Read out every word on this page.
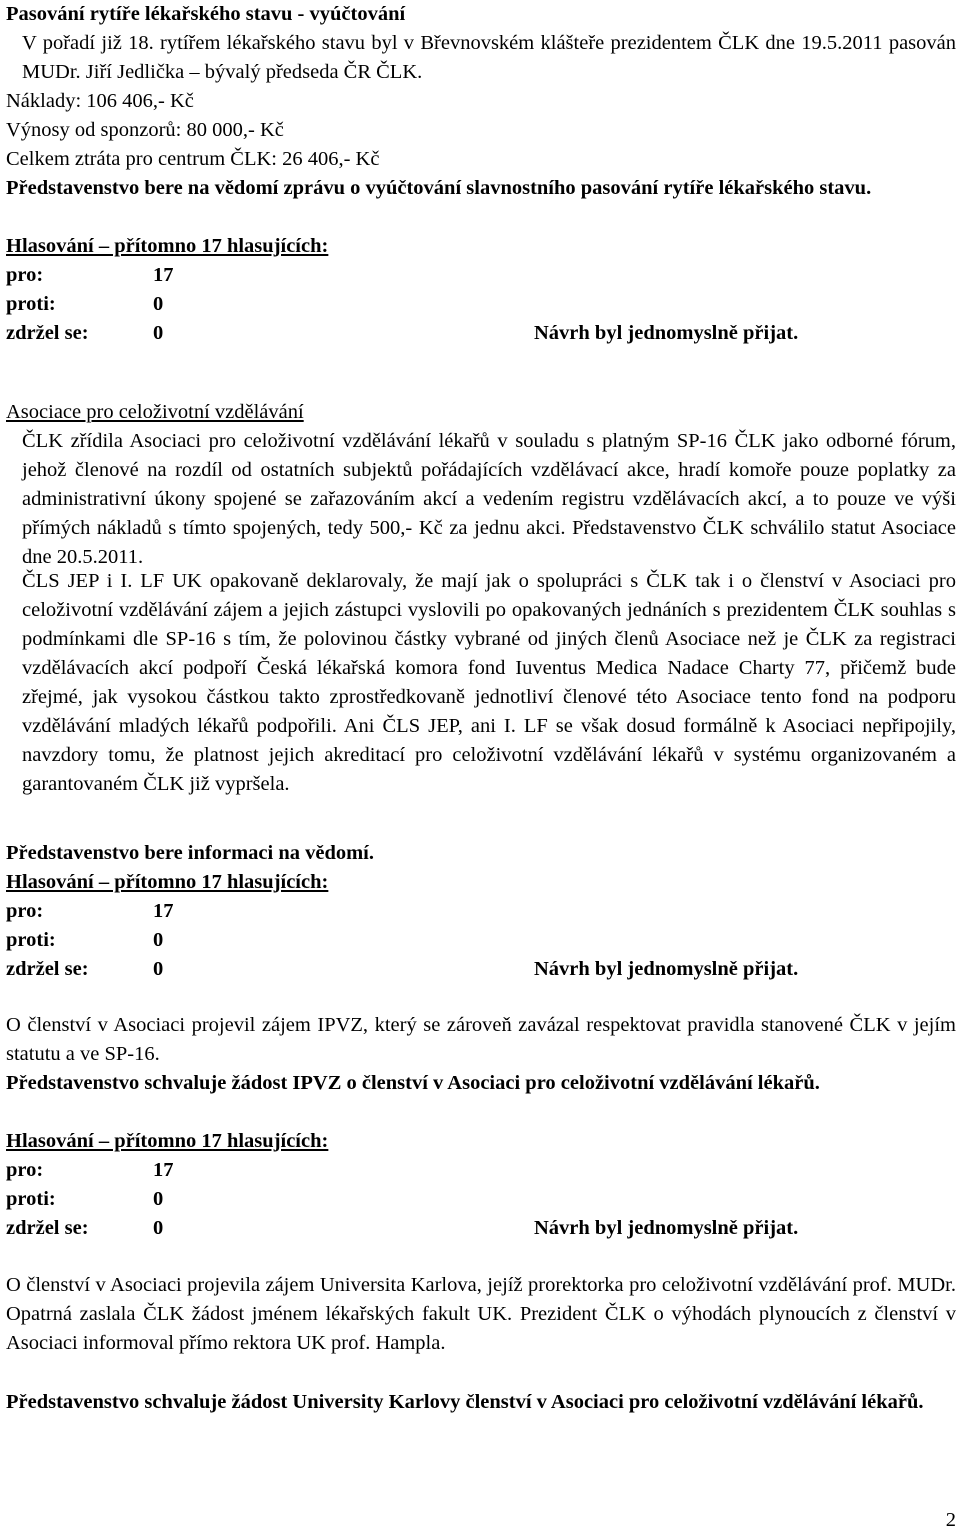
Pasování rytíře lékařského stavu - vyúčtování
V pořadí již 18. rytířem lékařského stavu byl v Břevnovském klášteře prezidentem ČLK dne 19.5.2011 pasován MUDr. Jiří Jedlička – bývalý předseda ČR ČLK.
Náklady: 106 406,- Kč
Výnosy od sponzorů: 80 000,- Kč
Celkem ztráta pro centrum ČLK: 26 406,- Kč
Představenstvo bere na vědomí zprávu o vyúčtování slavnostního pasování rytíře lékařského stavu.
Hlasování – přítomno 17 hlasujících:
pro:	17
proti:	0
zdržel se:	0	Návrh byl jednomyslně přijat.
Asociace pro celoživotní vzdělávání
ČLK zřídila Asociaci pro celoživotní vzdělávání lékařů v souladu s platným SP-16 ČLK jako odborné fórum, jehož členové na rozdíl od ostatních subjektů pořádajících vzdělávací akce, hradí komoře pouze poplatky za administrativní úkony spojené se zařazováním akcí a vedením registru vzdělávacích akcí, a to pouze ve výši přímých nákladů s tímto spojených, tedy 500,- Kč za jednu akci. Představenstvo ČLK schválilo statut Asociace dne 20.5.2011.
ČLS JEP i I. LF UK opakovaně deklarovaly, že mají jak o spolupráci s ČLK tak i o členství v Asociaci pro celoživotní vzdělávání zájem a jejich zástupci vyslovili po opakovaných jednáních s prezidentem ČLK souhlas s podmínkami dle SP-16 s tím, že polovinou částky vybrané od jiných členů Asociace než je ČLK za registraci vzdělávacích akcí podpoří Česká lékařská komora fond Iuventus Medica Nadace Charty 77, přičemž bude zřejmé, jak vysokou částkou takto zprostředkovaně jednotliví členové této Asociace tento fond na podporu vzdělávání mladých lékařů podpořili. Ani ČLS JEP, ani I. LF se však dosud formálně k Asociaci nepřipojily, navzdory tomu, že platnost jejich akreditací pro celoživotní vzdělávání lékařů v systému organizovaném a garantovaném ČLK již vypršela.
Představenstvo bere informaci na vědomí.
Hlasování – přítomno 17 hlasujících:
pro:	17
proti:	0
zdržel se:	0	Návrh byl jednomyslně přijat.
O členství v Asociaci projevil zájem IPVZ, který se zároveň zavázal respektovat pravidla stanovené ČLK v jejím statutu a ve SP-16.
Představenstvo schvaluje žádost IPVZ o členství v Asociaci pro celoživotní vzdělávání lékařů.
Hlasování – přítomno 17 hlasujících:
pro:	17
proti:	0
zdržel se:	0	Návrh byl jednomyslně přijat.
O členství v Asociaci projevila zájem Universita Karlova, jejíž prorektorka pro celoživotní vzdělávání prof. MUDr. Opatrná zaslala ČLK žádost jménem lékařských fakult UK. Prezident ČLK o výhodách plynoucích z členství v Asociaci informoval přímo rektora UK prof. Hampla.
Představenstvo schvaluje žádost University Karlovy členství v Asociaci pro celoživotní vzdělávání lékařů.
2
